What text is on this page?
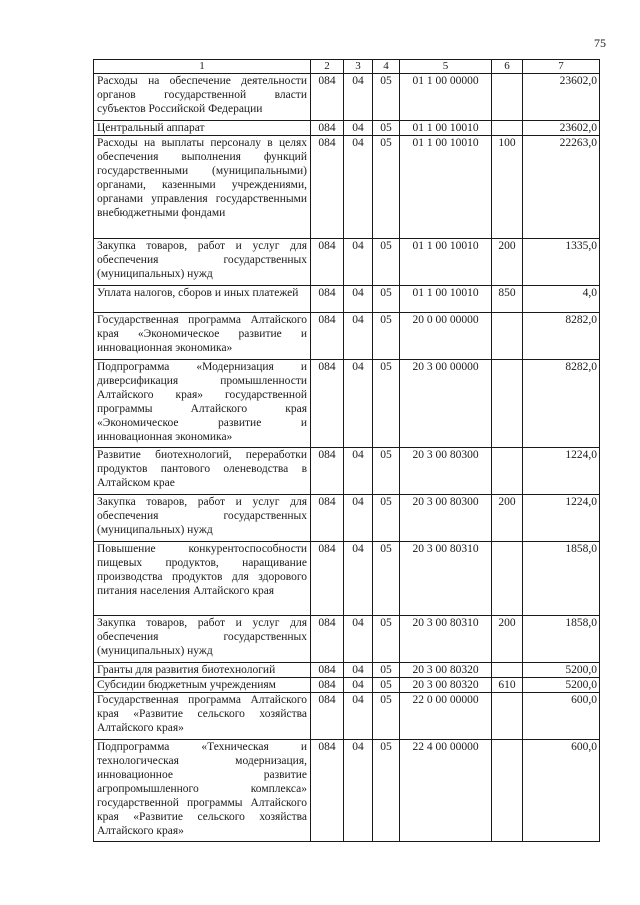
75
1	2	3	4	5	6	7
Расходы на обеспечение деятельности органов государственной власти субъектов Российской Федерации	084	04	05	01 1 00 00000		23602,0
Центральный аппарат	084	04	05	01 1 00 10010		23602,0
Расходы на выплаты персоналу в целях обеспечения выполнения функций государственными (муниципальными) органами, казенными учреждениями, органами управления государственными внебюджетными фондами	084	04	05	01 1 00 10010	100	22263,0
Закупка товаров, работ и услуг для обеспечения государственных (муниципальных) нужд	084	04	05	01 1 00 10010	200	1335,0
Уплата налогов, сборов и иных платежей	084	04	05	01 1 00 10010	850	4,0
Государственная программа Алтайского края «Экономическое развитие и инновационная экономика»	084	04	05	20 0 00 00000		8282,0
Подпрограмма «Модернизация и диверсификация промышленности Алтайского края» государственной программы Алтайского края «Экономическое развитие и инновационная экономика»	084	04	05	20 3 00 00000		8282,0
Развитие биотехнологий, переработки продуктов пантового оленеводства в Алтайском крае	084	04	05	20 3 00 80300		1224,0
Закупка товаров, работ и услуг для обеспечения государственных (муниципальных) нужд	084	04	05	20 3 00 80300	200	1224,0
Повышение конкурентоспособности пищевых продуктов, наращивание производства продуктов для здорового питания населения Алтайского края	084	04	05	20 3 00 80310		1858,0
Закупка товаров, работ и услуг для обеспечения государственных (муниципальных) нужд	084	04	05	20 3 00 80310	200	1858,0
Гранты для развития биотехнологий	084	04	05	20 3 00 80320		5200,0
Субсидии бюджетным учреждениям	084	04	05	20 3 00 80320	610	5200,0
Государственная программа Алтайского края «Развитие сельского хозяйства Алтайского края»	084	04	05	22 0 00 00000		600,0
Подпрограмма «Техническая и технологическая модернизация, инновационное развитие агропромышленного комплекса» государственной программы Алтайского края «Развитие сельского хозяйства Алтайского края»	084	04	05	22 4 00 00000		600,0
